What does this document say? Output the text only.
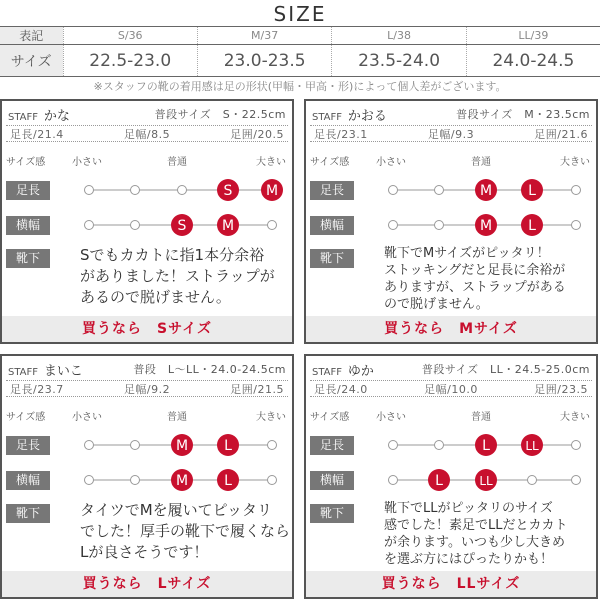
SIZE
表記	S/36	M/37	L/38	LL/39
サイズ	22.5-23.0	23.0-23.5	23.5-24.0	24.0-24.5
※スタッフの靴の着用感は足の形状(甲幅・甲高・形)によって個人差がございます。
STAFF かな	普段サイズ　S・22.5cm
足長/21.4	足幅/8.5	足囲/20.5
サイズ感	小さい	普通	大きい
足長
横幅
靴下
S M
S	M
Sでもカカトに指1本分余裕
がありました！ストラップが
あるので脱げません。
買うなら　Sサイズ
STAFF かおる	普段サイズ　M・23.5cm
足長/23.1	足幅/9.3	足囲/21.6
サイズ感	小さい	普通	大きい
足長
横幅
靴下
M	L
M	L
靴下でMサイズがピッタリ！
ストッキングだと足長に余裕が
ありますが、ストラップがある
ので脱げません。
買うなら　Mサイズ
STAFF まいこ	普段　L〜LL・24.0-24.5cm
足長/23.7	足幅/9.2	足囲/21.5
サイズ感	小さい	普通	大きい
足長
横幅
靴下
M	L
M	L
タイツでMを履いてピッタリ
でした！厚手の靴下で履くなら
Lが良さそうです！
買うなら　Lサイズ
STAFF ゆか	普段サイズ　LL・24.5-25.0cm
足長/24.0	足幅/10.0	足囲/23.5
サイズ感	小さい	普通	大きい
足長
横幅
靴下
L	LL
L	LL
靴下でLLがピッタリのサイズ
感でした！素足でLLだとカカト
が余ります。いつも少し大きめ
を選ぶ方にはぴったりかも！
買うなら　LLサイズ
